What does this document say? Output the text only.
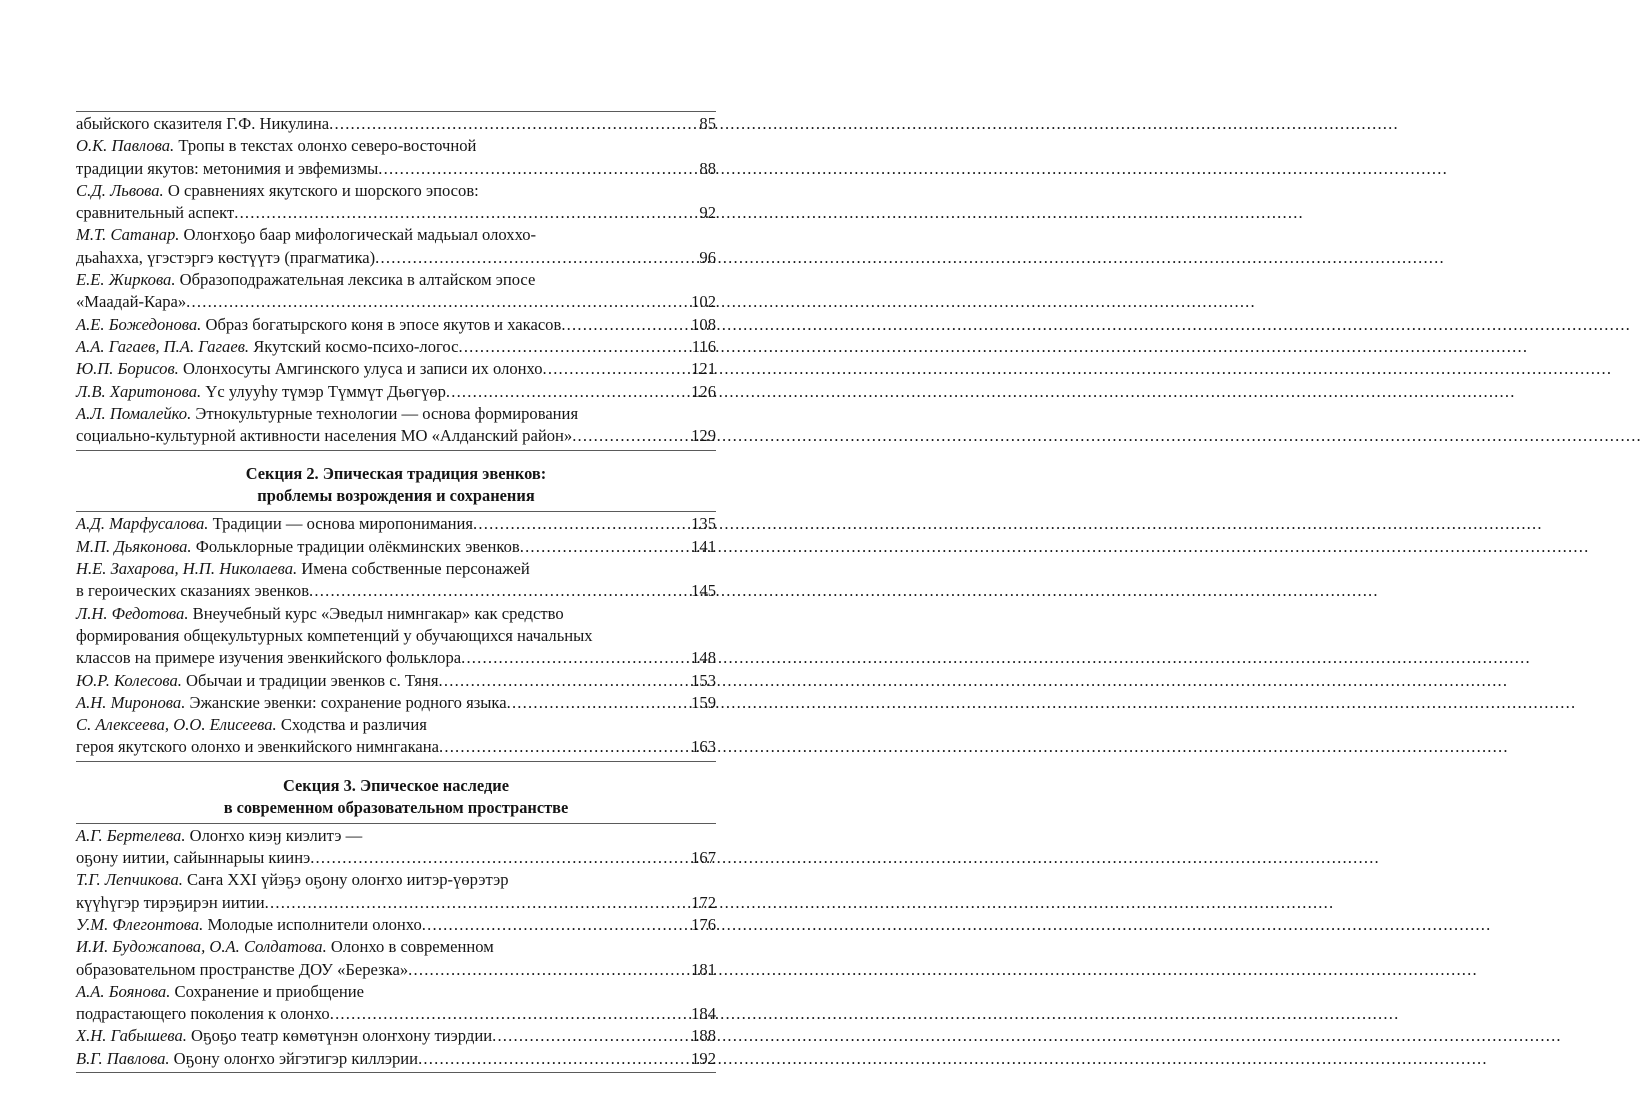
абыйского сказителя Г.Ф. Никулина .....	85
О.К. Павлова. Тропы в текстах олонхо северо-восточной
традиции якутов: метонимия и эвфемизмы .....	88
С.Д. Львова. О сравнениях якутского и шорского эпосов:
сравнительный аспект .....	92
М.Т. Сатанар. Олоҥхоҕо баар мифологическай мадьыал олоххо-
дьаһахха, үгэстэргэ көстүүтэ (прагматика) .....	96
Е.Е. Жиркова. Образоподражательная лексика в алтайском эпосе
«Маадай-Кара» .....	102
А.Е. Божедонова. Образ богатырского коня в эпосе якутов и хакасов .....	108
А.А. Гагаев, П.А. Гагаев. Якутский космо-психо-логос .....	116
Ю.П. Борисов. Олонхосуты Амгинского улуса и записи их олонхо .....	121
Л.В. Харитонова. Үс улууһу түмэр Түммүт Дьөгүөр .....	126
А.Л. Помалейко. Этнокультурные технологии — основа формирования
социально-культурной активности населения МО «Алданский район» .....	129
Секция 2. Эпическая традиция эвенков:
проблемы возрождения и сохранения
А.Д. Марфусалова. Традиции — основа миропонимания .....	135
М.П. Дьяконова. Фольклорные традиции олёкминских эвенков .....	141
Н.Е. Захарова, Н.П. Николаева. Имена собственные персонажей
в героических сказаниях эвенков .....	145
Л.Н. Федотова. Внеучебный курс «Эведыл нимнгакар» как средство
формирования общекультурных компетенций у обучающихся начальных
классов на примере изучения эвенкийского фольклора .....	148
Ю.Р. Колесова. Обычаи и традиции эвенков с. Тяня .....	153
А.Н. Миронова. Эжанские эвенки: сохранение родного языка .....	159
С. Алексеева, О.О. Елисеева. Сходства и различия
героя якутского олонхо и эвенкийского нимнгакана .....	163
Секция 3. Эпическое наследие
в современном образовательном пространстве
А.Г. Бертелева. Олоҥхо киэӈ киэлитэ —
оҕону иитии, сайыннарыы киинэ .....	167
Т.Г. Лепчикова. Саҥа ХХI үйэҕэ оҕону олоҥхо иитэр-үөрэтэр
күүһүгэр тирэҕирэн иитии .....	172
У.М. Флегонтова. Молодые исполнители олонхо .....	176
И.И. Будожапова, О.А. Солдатова. Олонхо в современном
образовательном пространстве ДОУ «Березка» .....	181
А.А. Боянова. Сохранение и приобщение
подрастающего поколения к олонхо .....	184
Х.Н. Габышева. Оҕоҕо театр көмөтүнэн олоҥхону тиэрдии .....	188
В.Г. Павлова. Оҕону олоҥхо эйгэтигэр киллэрии .....	192
